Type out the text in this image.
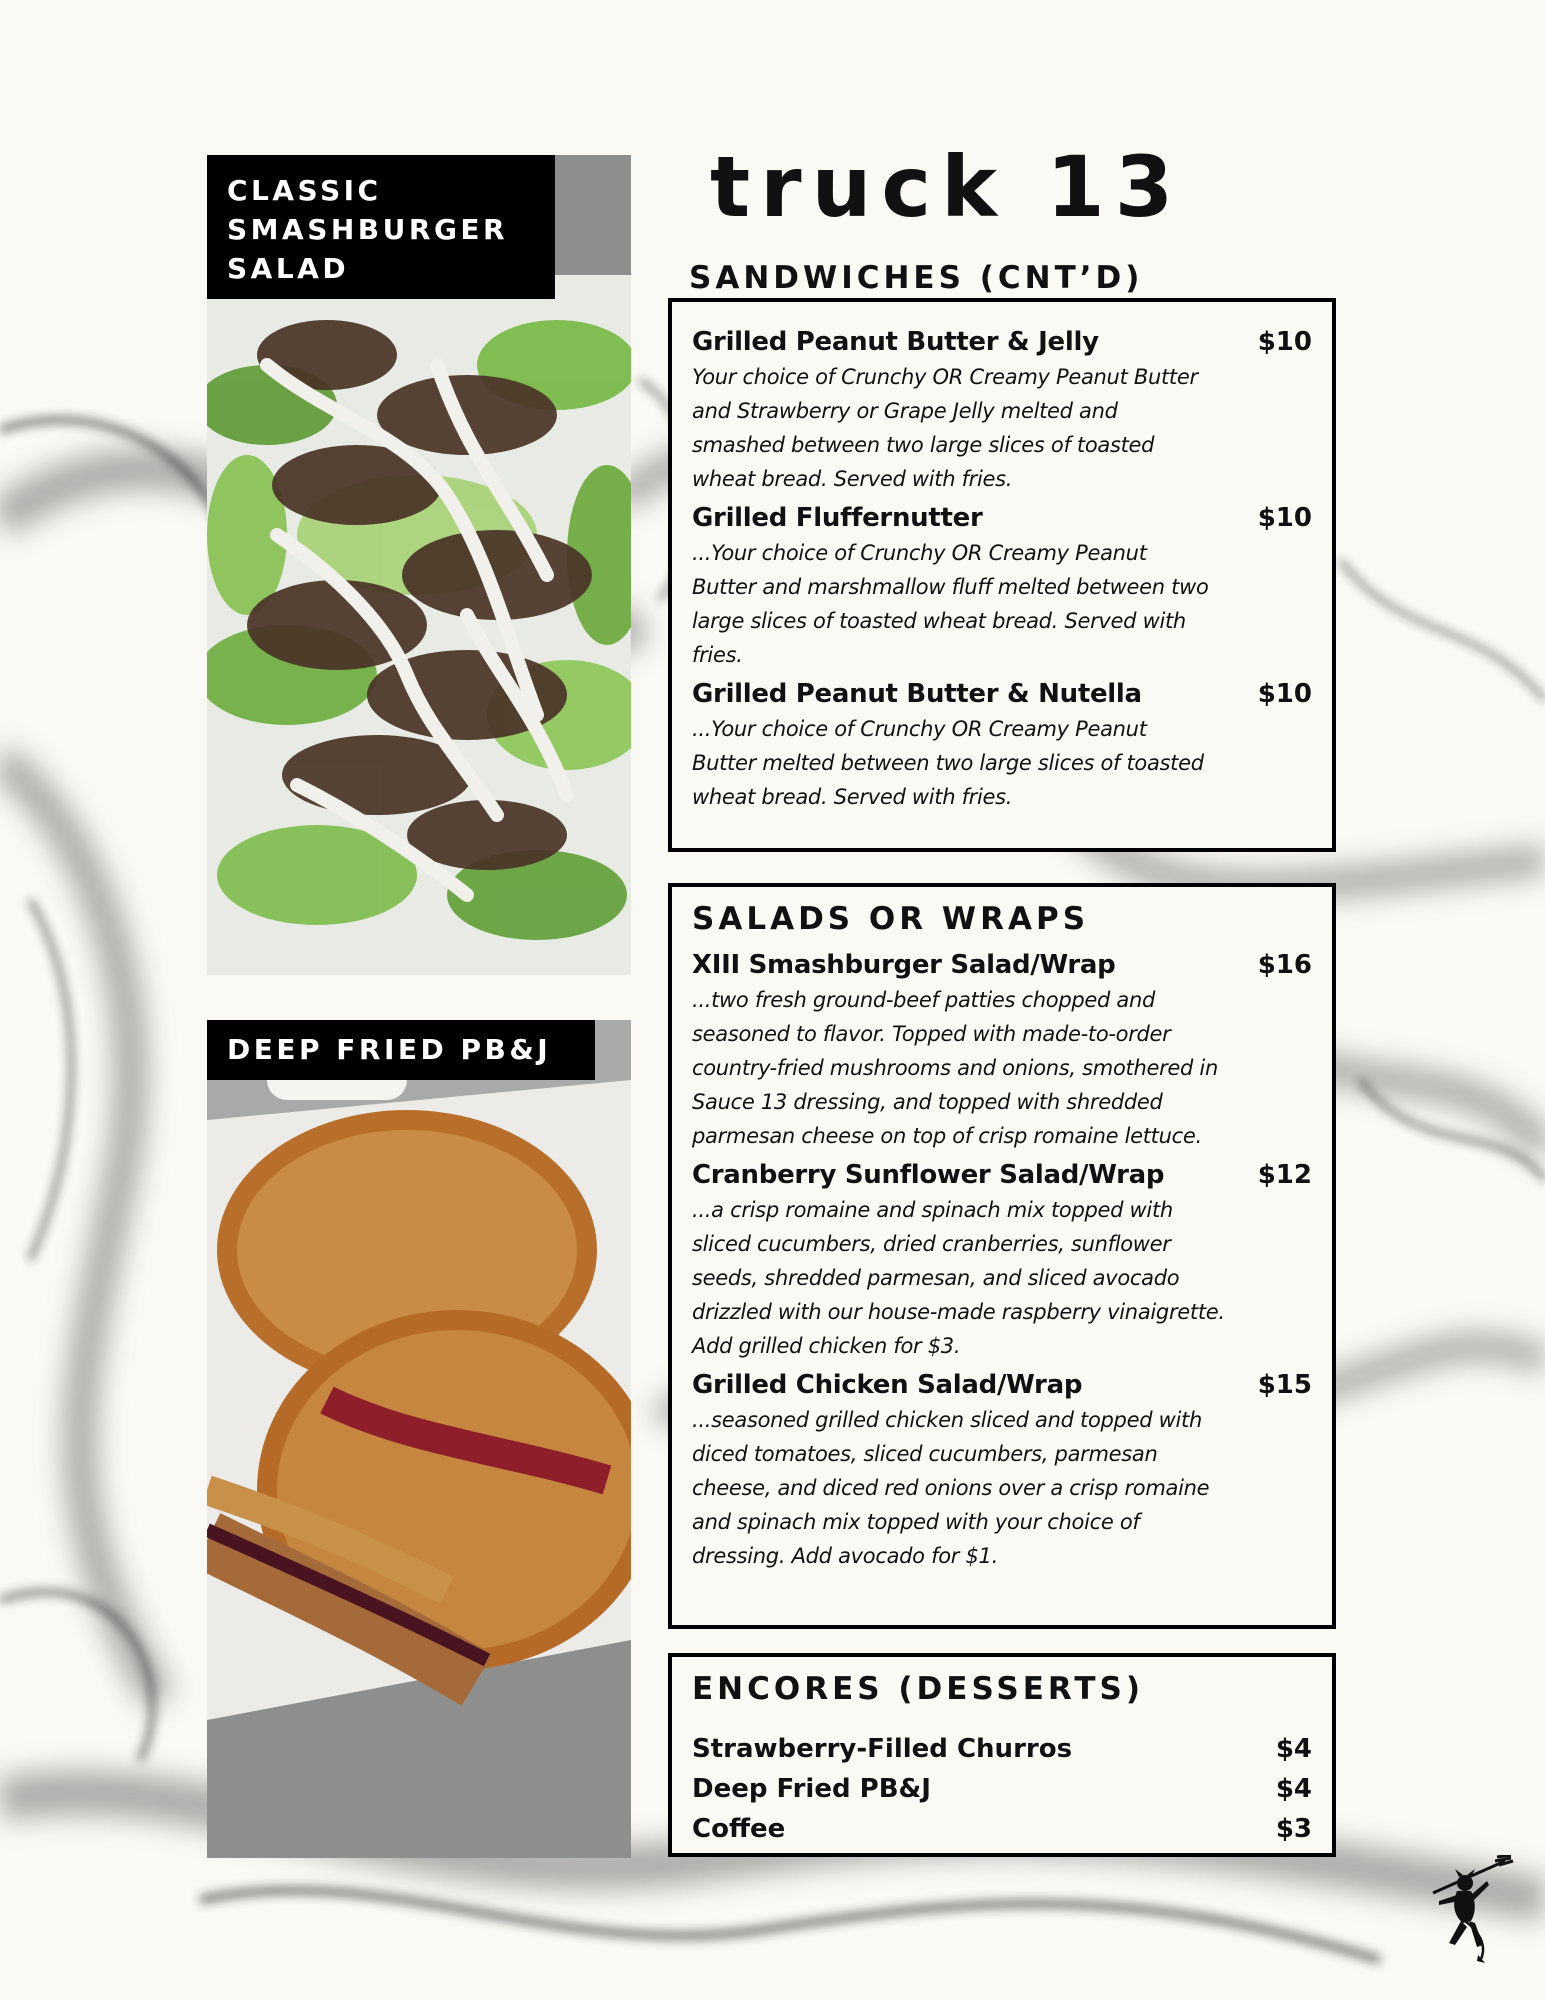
CLASSIC
SMASHBURGER
SALAD
DEEP FRIED PB&J
truck 13
SANDWICHES (CNT’D)
Grilled Peanut Butter & Jelly	$10
Your choice of Crunchy OR Creamy Peanut Butter and Strawberry or Grape Jelly melted and smashed between two large slices of toasted wheat bread. Served with fries.
Grilled Fluffernutter	$10
...Your choice of Crunchy OR Creamy Peanut Butter and marshmallow fluff melted between two large slices of toasted wheat bread. Served with fries.
Grilled Peanut Butter & Nutella	$10
...Your choice of Crunchy OR Creamy Peanut Butter melted between two large slices of toasted wheat bread. Served with fries.
SALADS OR WRAPS
XIII Smashburger Salad/Wrap	$16
...two fresh ground-beef patties chopped and seasoned to flavor. Topped with made-to-order country-fried mushrooms and onions, smothered in Sauce 13 dressing, and topped with shredded parmesan cheese on top of crisp romaine lettuce.
Cranberry Sunflower Salad/Wrap	$12
...a crisp romaine and spinach mix topped with sliced cucumbers, dried cranberries, sunflower seeds, shredded parmesan, and sliced avocado drizzled with our house-made raspberry vinaigrette. Add grilled chicken for $3.
Grilled Chicken Salad/Wrap	$15
...seasoned grilled chicken sliced and topped with diced tomatoes, sliced cucumbers, parmesan cheese, and diced red onions over a crisp romaine and spinach mix topped with your choice of dressing. Add avocado for $1.
ENCORES (DESSERTS)
Strawberry-Filled Churros	$4
Deep Fried PB&J	$4
Coffee	$3
